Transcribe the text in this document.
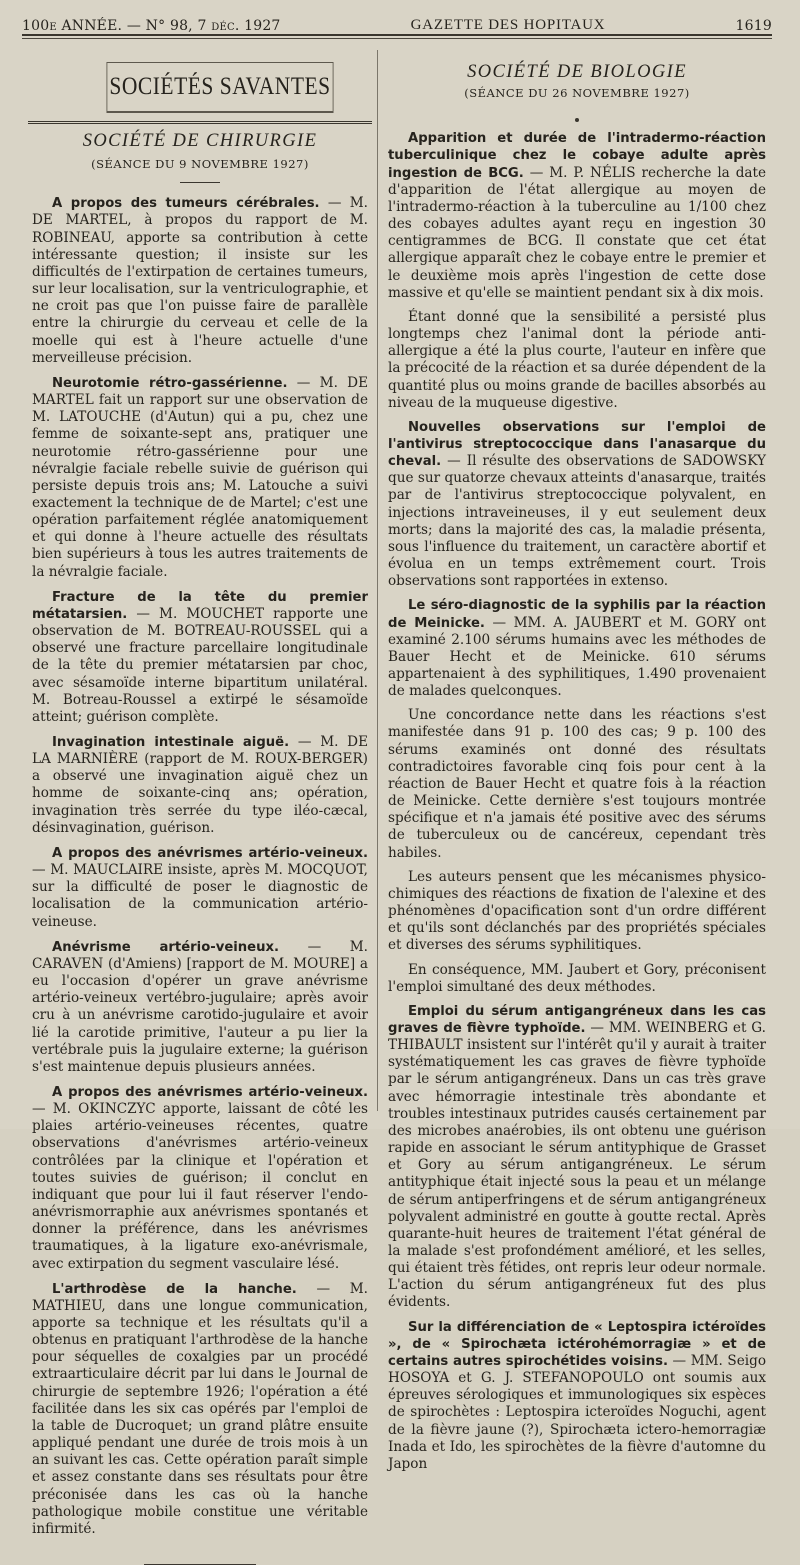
100e ANNÉE. — N° 98, 7 déc. 1927	GAZETTE DES HOPITAUX	1619
SOCIÉTÉS SAVANTES
SOCIÉTÉ DE CHIRURGIE
(SÉANCE DU 9 NOVEMBRE 1927)

A propos des tumeurs cérébrales. — M. DE MARTEL, à propos du rapport de M. ROBINEAU, apporte sa contribution à cette intéressante question; il insiste sur les difficultés de l'extirpation de certaines tumeurs, sur leur localisation, sur la ventriculographie, et ne croit pas que l'on puisse faire de parallèle entre la chirurgie du cerveau et celle de la moelle qui est à l'heure actuelle d'une merveilleuse précision.

Neurotomie rétro-gassérienne. — M. DE MARTEL fait un rapport sur une observation de M. LATOUCHE (d'Autun) qui a pu, chez une femme de soixante-sept ans, pratiquer une neurotomie rétro-gassérienne pour une névralgie faciale rebelle suivie de guérison qui persiste depuis trois ans; M. Latouche a suivi exactement la technique de de Martel; c'est une opération parfaitement réglée anatomiquement et qui donne à l'heure actuelle des résultats bien supérieurs à tous les autres traitements de la névralgie faciale.

Fracture de la tête du premier métatarsien. — M. MOUCHET rapporte une observation de M. BOTREAU-ROUSSEL qui a observé une fracture parcellaire longitudinale de la tête du premier métatarsien par choc, avec sésamoïde interne bipartitum unilatéral. M. Botreau-Roussel a extirpé le sésamoïde atteint; guérison complète.

Invagination intestinale aiguë. — M. DE LA MARNIÈRE (rapport de M. ROUX-BERGER) a observé une invagination aiguë chez un homme de soixante-cinq ans; opération, invagination très serrée du type iléo-cæcal, désinvagination, guérison.

A propos des anévrismes artério-veineux. — M. MAUCLAIRE insiste, après M. MOCQUOT, sur la difficulté de poser le diagnostic de localisation de la communication artério-veineuse.

Anévrisme artério-veineux. — M. CARAVEN (d'Amiens) [rapport de M. MOURE] a eu l'occasion d'opérer un grave anévrisme artério-veineux vertébro-jugulaire; après avoir cru à un anévrisme carotido-jugulaire et avoir lié la carotide primitive, l'auteur a pu lier la vertébrale puis la jugulaire externe; la guérison s'est maintenue depuis plusieurs années.

A propos des anévrismes artério-veineux. — M. OKINCZYC apporte, laissant de côté les plaies artério-veineuses récentes, quatre observations d'anévrismes artério-veineux contrôlées par la clinique et l'opération et toutes suivies de guérison; il conclut en indiquant que pour lui il faut réserver l'endo-anévrismorraphie aux anévrismes spontanés et donner la préférence, dans les anévrismes traumatiques, à la ligature exo-anévrismale, avec extirpation du segment vasculaire lésé.

L'arthrodèse de la hanche. — M. MATHIEU, dans une longue communication, apporte sa technique et les résultats qu'il a obtenus en pratiquant l'arthrodèse de la hanche pour séquelles de coxalgies par un procédé extraarticulaire décrit par lui dans le Journal de chirurgie de septembre 1926; l'opération a été facilitée dans les six cas opérés par l'emploi de la table de Ducroquet; un grand plâtre ensuite appliqué pendant une durée de trois mois à un an suivant les cas. Cette opération paraît simple et assez constante dans ses résultats pour être préconisée dans les cas où la hanche pathologique mobile constitue une véritable infirmité.

SOCIÉTÉ DE BIOLOGIE
(SÉANCE DU 26 NOVEMBRE 1927)

Apparition et durée de l'intradermo-réaction tuberculinique chez le cobaye adulte après ingestion de BCG. — M. P. NÉLIS recherche la date d'apparition de l'état allergique au moyen de l'intradermo-réaction à la tuberculine au 1/100 chez des cobayes adultes ayant reçu en ingestion 30 centigrammes de BCG. Il constate que cet état allergique apparaît chez le cobaye entre le premier et le deuxième mois après l'ingestion de cette dose massive et qu'elle se maintient pendant six à dix mois.

Étant donné que la sensibilité a persisté plus longtemps chez l'animal dont la période anti-allergique a été la plus courte, l'auteur en infère que la précocité de la réaction et sa durée dépendent de la quantité plus ou moins grande de bacilles absorbés au niveau de la muqueuse digestive.

Nouvelles observations sur l'emploi de l'antivirus streptococcique dans l'anasarque du cheval. — Il résulte des observations de SADOWSKY que sur quatorze chevaux atteints d'anasarque, traités par de l'antivirus streptococcique polyvalent, en injections intraveineuses, il y eut seulement deux morts; dans la majorité des cas, la maladie présenta, sous l'influence du traitement, un caractère abortif et évolua en un temps extrêmement court. Trois observations sont rapportées in extenso.

Le séro-diagnostic de la syphilis par la réaction de Meinicke. — MM. A. JAUBERT et M. GORY ont examiné 2.100 sérums humains avec les méthodes de Bauer Hecht et de Meinicke. 610 sérums appartenaient à des syphilitiques, 1.490 provenaient de malades quelconques.

Une concordance nette dans les réactions s'est manifestée dans 91 p. 100 des cas; 9 p. 100 des sérums examinés ont donné des résultats contradictoires favorable cinq fois pour cent à la réaction de Bauer Hecht et quatre fois à la réaction de Meinicke. Cette dernière s'est toujours montrée spécifique et n'a jamais été positive avec des sérums de tuberculeux ou de cancéreux, cependant très habiles.

Les auteurs pensent que les mécanismes physico-chimiques des réactions de fixation de l'alexine et des phénomènes d'opacification sont d'un ordre différent et qu'ils sont déclanchés par des propriétés spéciales et diverses des sérums syphilitiques.

En conséquence, MM. Jaubert et Gory, préconisent l'emploi simultané des deux méthodes.

Emploi du sérum antigangréneux dans les cas graves de fièvre typhoïde. — MM. WEINBERG et G. THIBAULT insistent sur l'intérêt qu'il y aurait à traiter systématiquement les cas graves de fièvre typhoïde par le sérum antigangréneux. Dans un cas très grave avec hémorragie intestinale très abondante et troubles intestinaux putrides causés certainement par des microbes anaérobies, ils ont obtenu une guérison rapide en associant le sérum antityphique de Grasset et Gory au sérum antigangréneux. Le sérum antityphique était injecté sous la peau et un mélange de sérum antiperfringens et de sérum antigangréneux polyvalent administré en goutte à goutte rectal. Après quarante-huit heures de traitement l'état général de la malade s'est profondément amélioré, et les selles, qui étaient très fétides, ont repris leur odeur normale. L'action du sérum antigangréneux fut des plus évidents.

Sur la différenciation de « Leptospira ictéroïdes », de « Spirochæta ictérohémorragiæ » et de certains autres spirochétides voisins. — MM. Seigo HOSOYA et G. J. STEFANOPOULO ont soumis aux épreuves sérologiques et immunologiques six espèces de spirochètes : Leptospira icteroïdes Noguchi, agent de la fièvre jaune (?), Spirochæta ictero-hemorragiæ Inada et Ido, les spirochètes de la fièvre d'automne du Japon
